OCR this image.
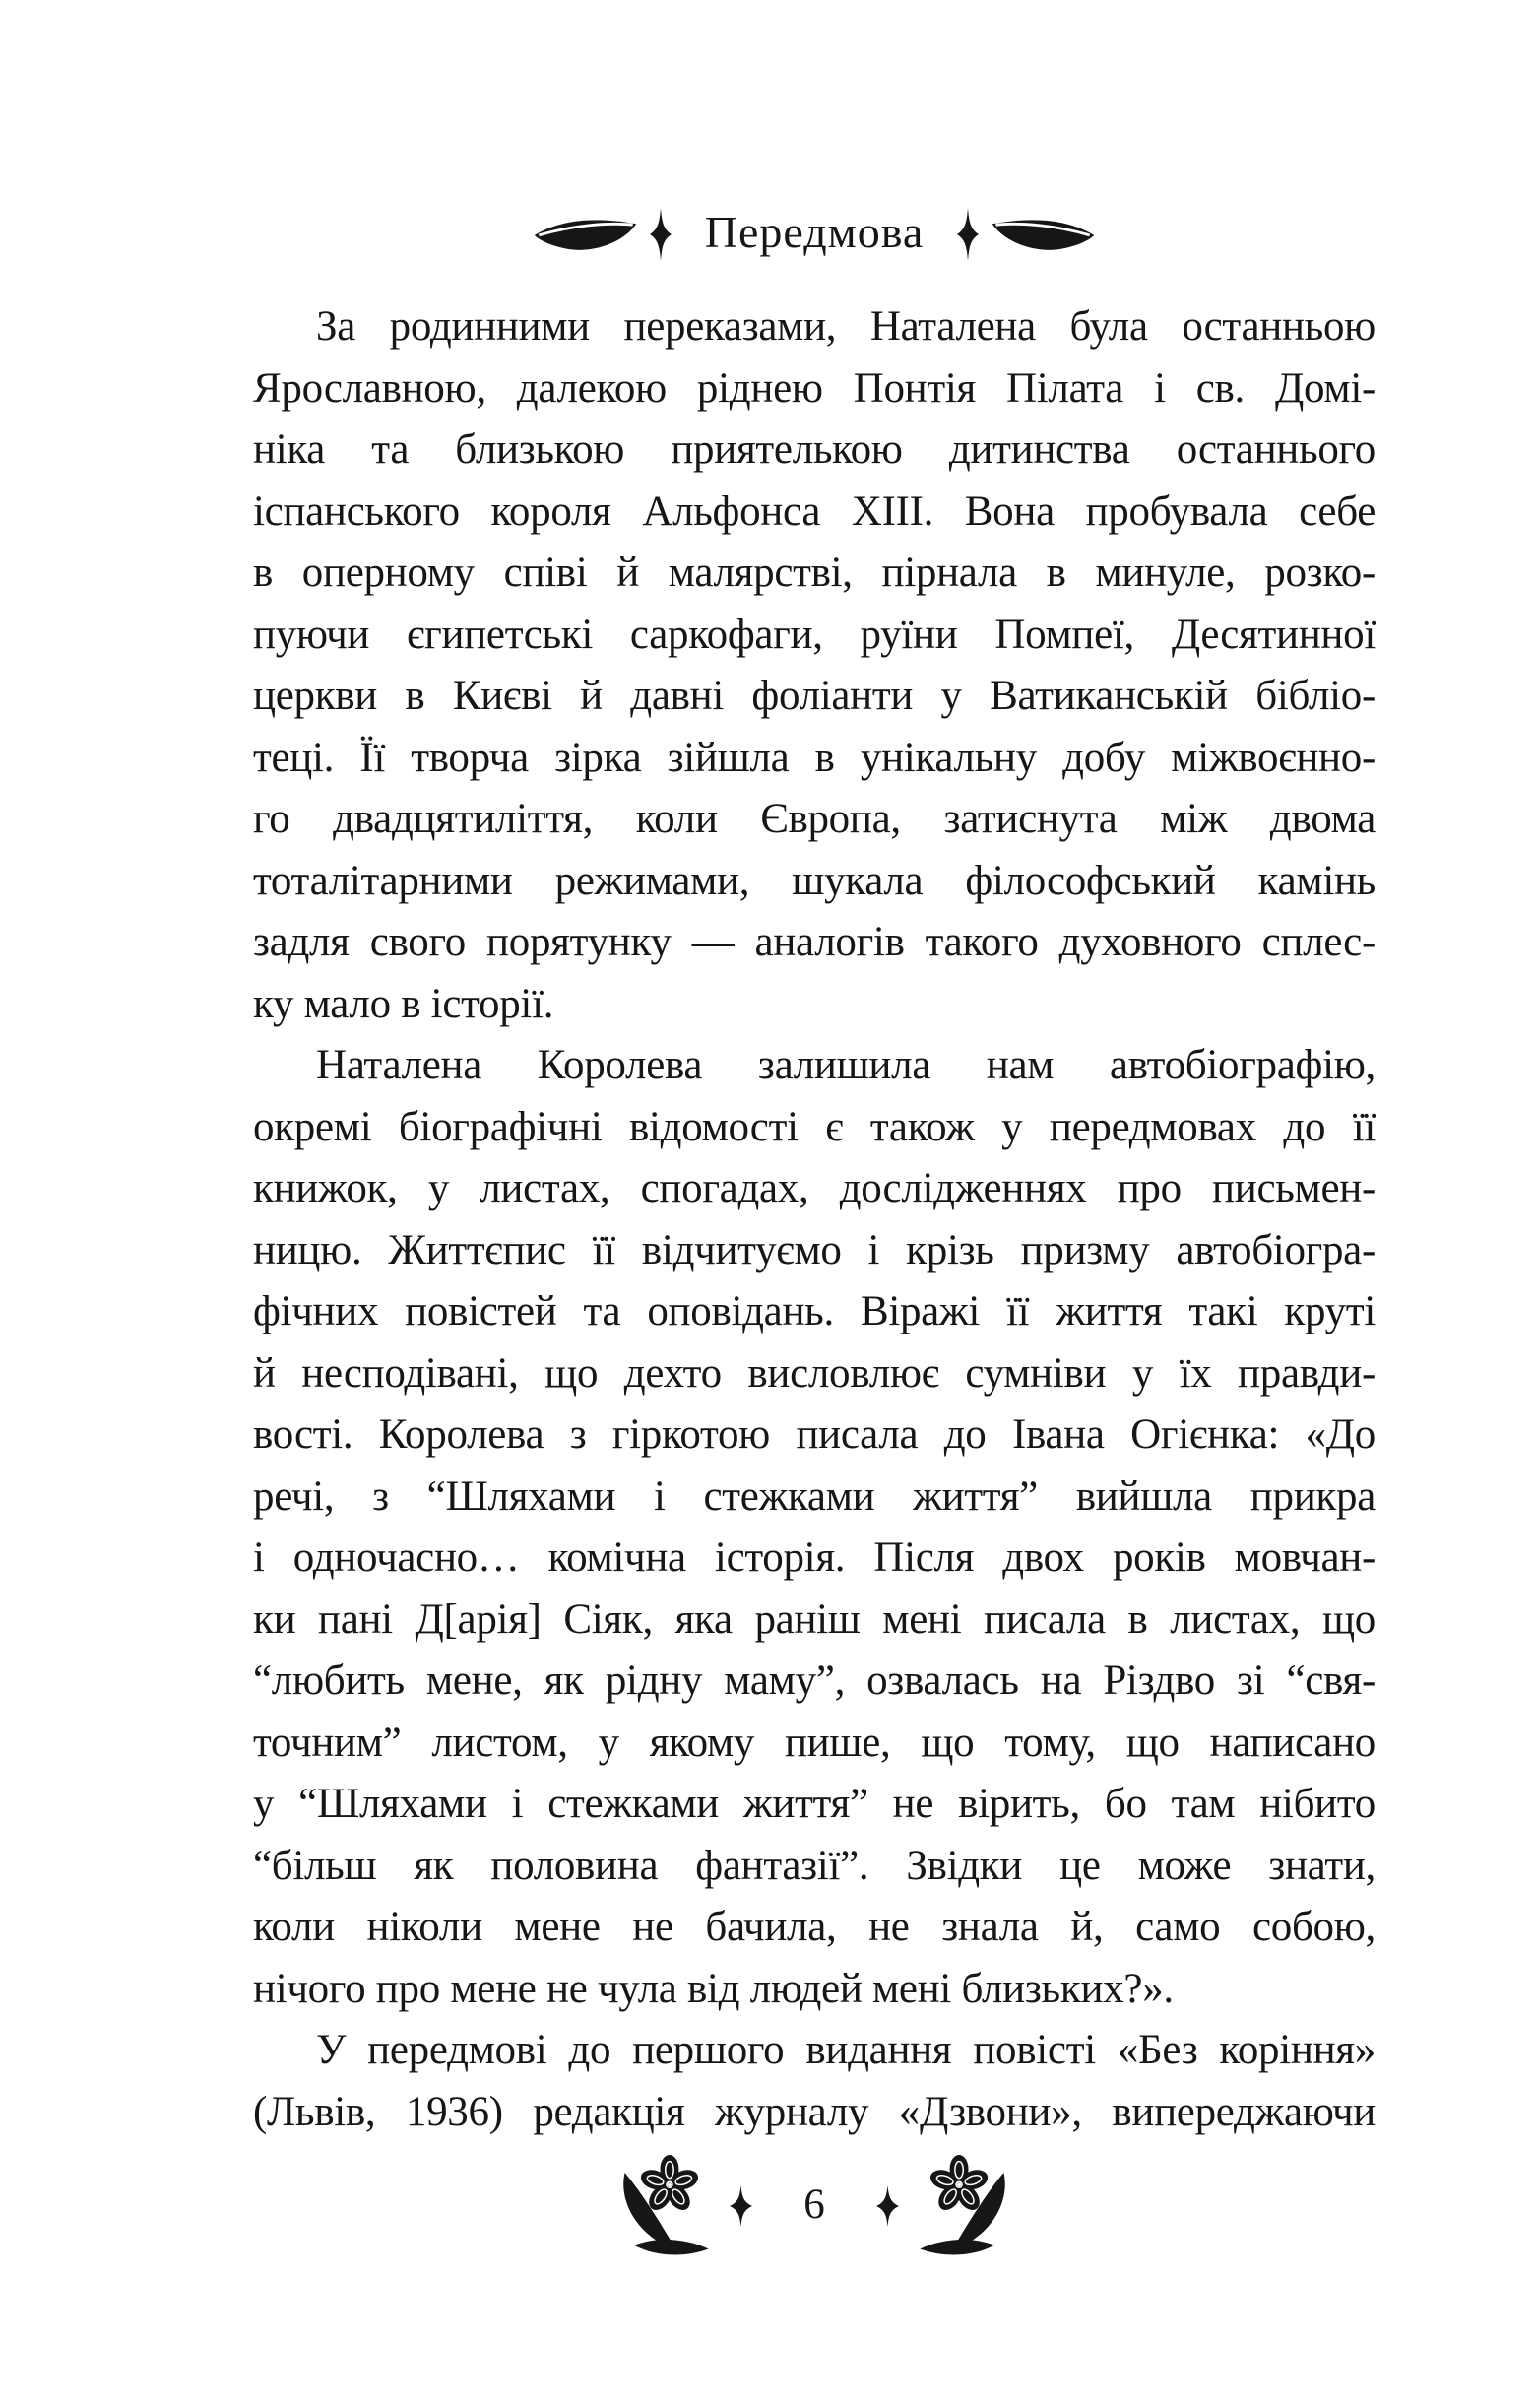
Передмова
За родинними переказами, Наталена була останньою
Ярославною, далекою ріднею Понтія Пілата і св. Домі-
ніка та близькою приятелькою дитинства останнього
іспанського короля Альфонса XIII. Вона пробувала себе
в оперному співі й малярстві, пірнала в минуле, розко-
пуючи єгипетські саркофаги, руїни Помпеї, Десятинної
церкви в Києві й давні фоліанти у Ватиканській бібліо-
теці. Її творча зірка зійшла в унікальну добу міжвоєнно-
го двадцятиліття, коли Європа, затиснута між двома
тоталітарними режимами, шукала філософський камінь
задля свого порятунку — аналогів такого духовного сплес-
ку мало в історії.
Наталена Королева залишила нам автобіографію,
окремі біографічні відомості є також у передмовах до її
книжок, у листах, спогадах, дослідженнях про письмен-
ницю. Життєпис її відчитуємо і крізь призму автобіогра-
фічних повістей та оповідань. Віражі її життя такі круті
й несподівані, що дехто висловлює сумніви у їх правди-
вості. Королева з гіркотою писала до Івана Огієнка: «До
речі, з “Шляхами і стежками життя” вийшла прикра
і одночасно… комічна історія. Після двох років мовчан-
ки пані Д[арія] Сіяк, яка раніш мені писала в листах, що
“любить мене, як рідну маму”, озвалась на Різдво зі “свя-
точним” листом, у якому пише, що тому, що написано
у “Шляхами і стежками життя” не вірить, бо там нібито
“більш як половина фантазії”. Звідки це може знати,
коли ніколи мене не бачила, не знала й, само собою,
нічого про мене не чула від людей мені близьких?».
У передмові до першого видання повісті «Без коріння»
(Львів, 1936) редакція журналу «Дзвони», випереджаючи
6
